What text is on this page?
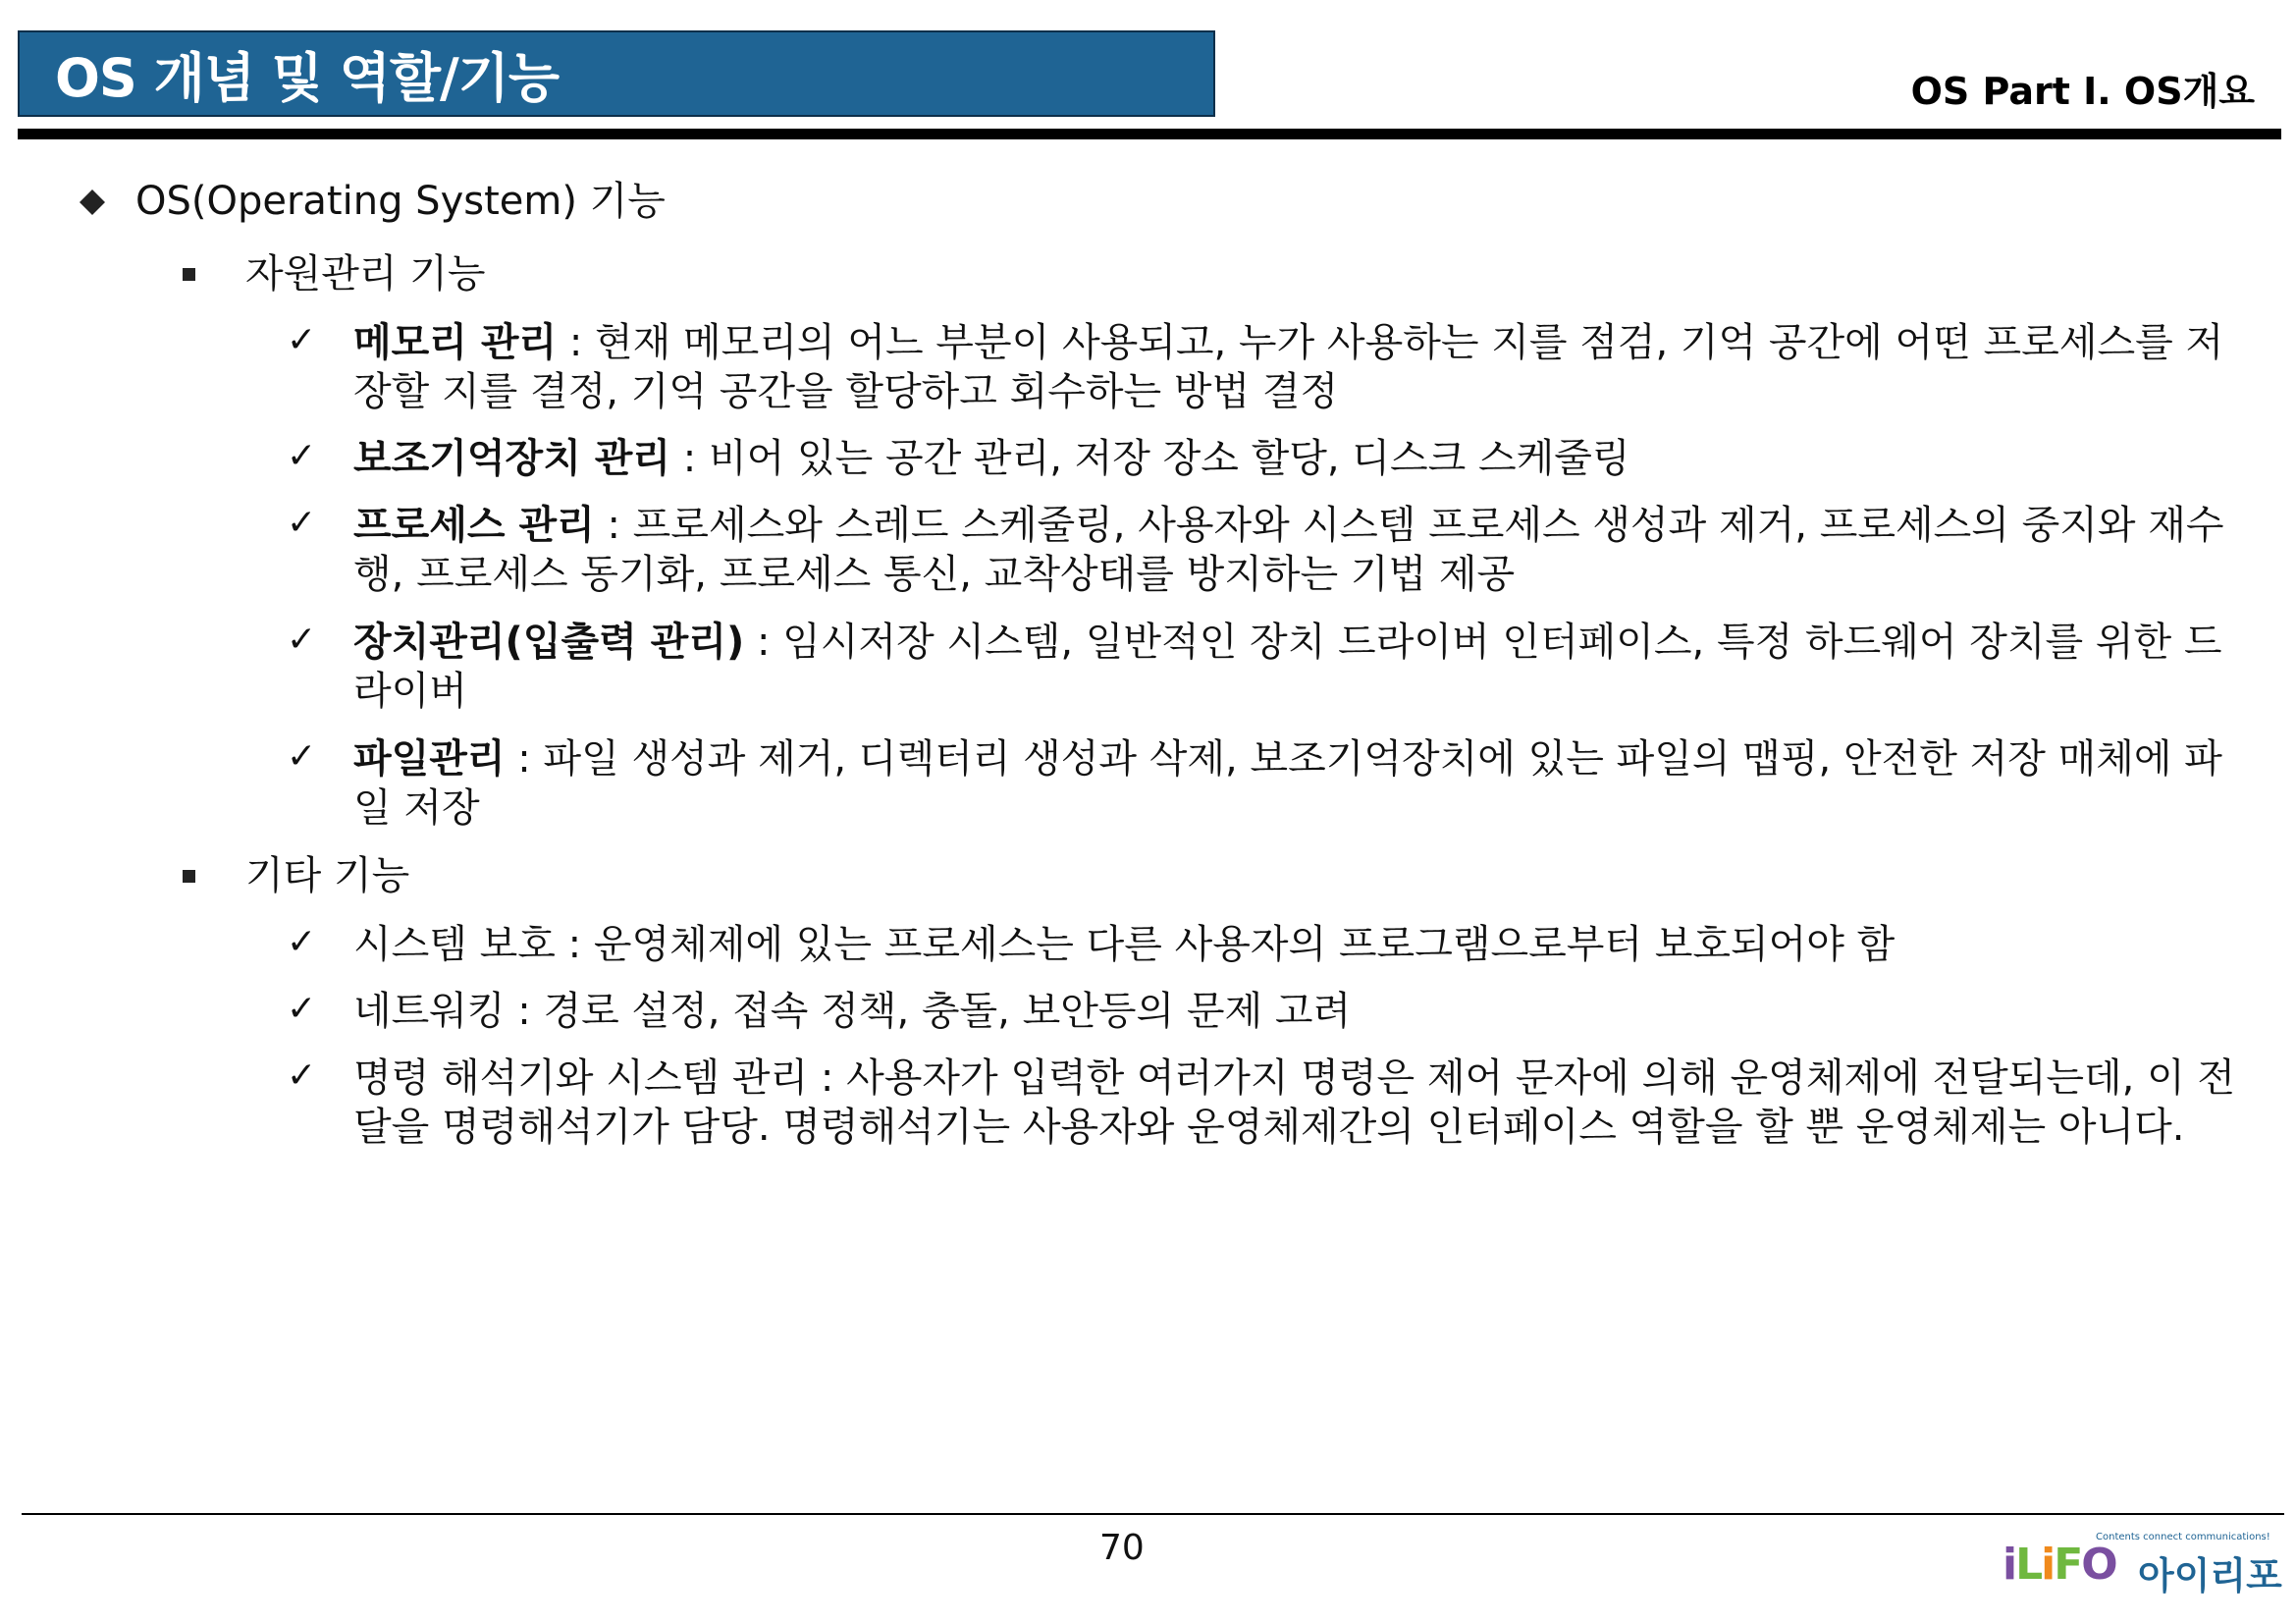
OS 개념 및 역할/기능	OS Part I. OS개요
OS(Operating System) 기능
자원관리 기능
✓ 메모리 관리 : 현재 메모리의 어느 부분이 사용되고, 누가 사용하는 지를 점검, 기억 공간에 어떤 프로세스를 저
장할 지를 결정, 기억 공간을 할당하고 회수하는 방법 결정
✓ 보조기억장치 관리 : 비어 있는 공간 관리, 저장 장소 할당, 디스크 스케줄링
✓ 프로세스 관리 : 프로세스와 스레드 스케줄링, 사용자와 시스템 프로세스 생성과 제거, 프로세스의 중지와 재수
행, 프로세스 동기화, 프로세스 통신, 교착상태를 방지하는 기법 제공
✓ 장치관리(입출력 관리) : 임시저장 시스템, 일반적인 장치 드라이버 인터페이스, 특정 하드웨어 장치를 위한 드
라이버
✓ 파일관리 : 파일 생성과 제거, 디렉터리 생성과 삭제, 보조기억장치에 있는 파일의 맵핑, 안전한 저장 매체에 파
일 저장
기타 기능
✓ 시스템 보호 : 운영체제에 있는 프로세스는 다른 사용자의 프로그램으로부터 보호되어야 함
✓ 네트워킹 : 경로 설정, 접속 정책, 충돌, 보안등의 문제 고려
✓ 명령 해석기와 시스템 관리 : 사용자가 입력한 여러가지 명령은 제어 문자에 의해 운영체제에 전달되는데, 이 전
달을 명령해석기가 담당. 명령해석기는 사용자와 운영체제간의 인터페이스 역할을 할 뿐 운영체제는 아니다.
70	Contents connect communications!
iLiFO 아이리포
